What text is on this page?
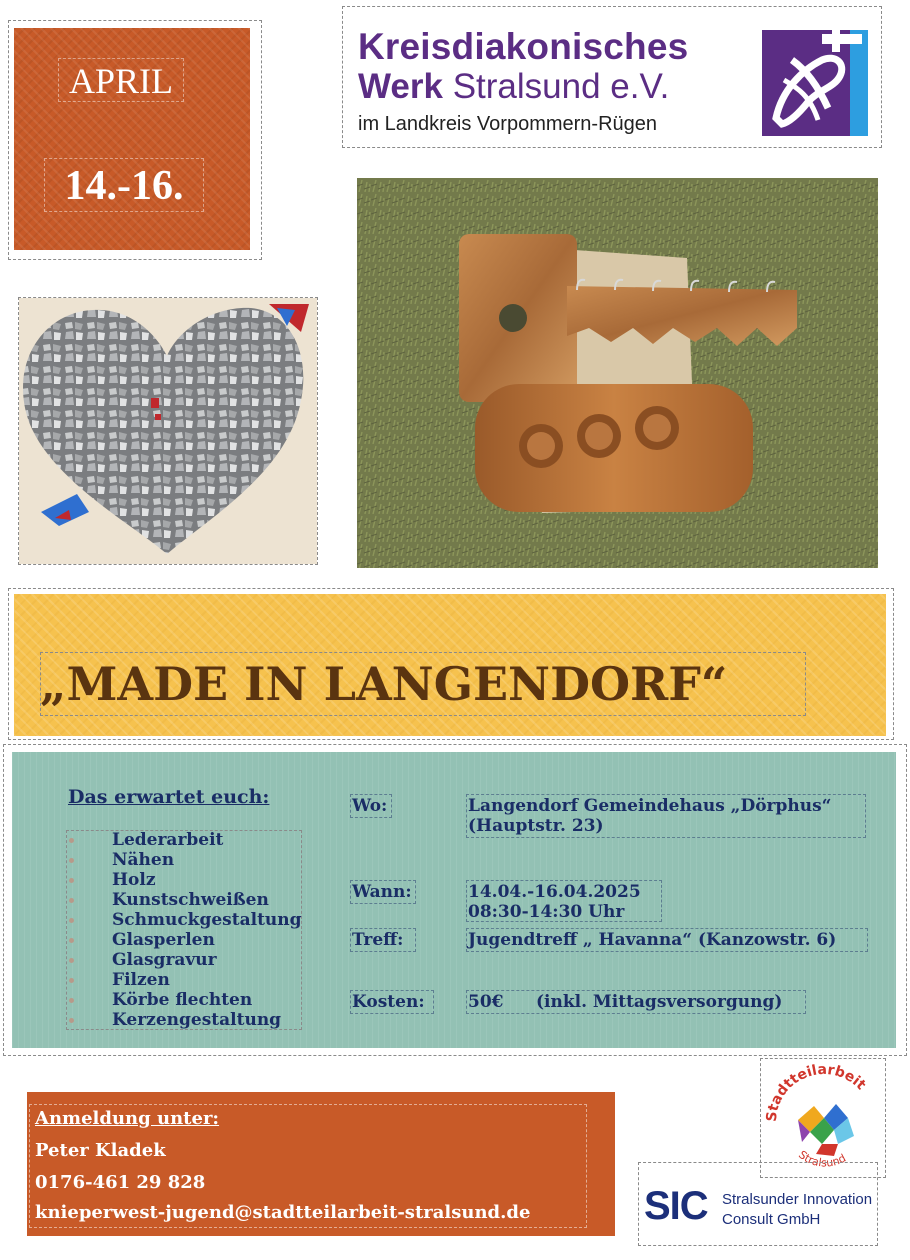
APRIL
14.-16.
Kreisdiakonisches
Werk Stralsund e.V.
im Landkreis Vorpommern-Rügen
„MADE IN LANGENDORF“
Das erwartet euch:
Lederarbeit
Nähen
Holz
Kunstschweißen
Schmuckgestaltung
Glasperlen
Glasgravur
Filzen
Körbe flechten
Kerzengestaltung
Wo:	Langendorf Gemeindehaus „Dörphus“
(Hauptstr. 23)
Wann:	14.04.-16.04.2025
08:30-14:30 Uhr
Treff:	Jugendtreff „ Havanna“ (Kanzowstr. 6)
Kosten:	50€ (inkl. Mittagsversorgung)
Anmeldung unter:
Peter Kladek
0176-461 29 828
knieperwest-jugend@stadtteilarbeit-stralsund.de
Stadtteilarbeit
Stralsund
SIC Stralsunder Innovation
Consult GmbH
